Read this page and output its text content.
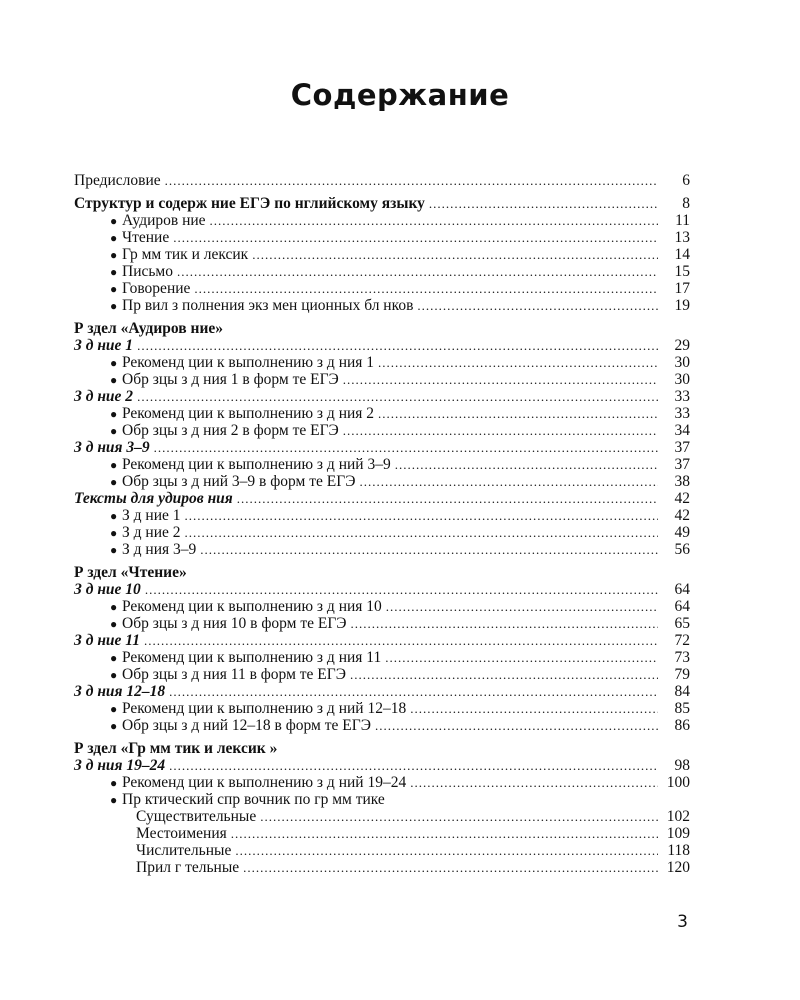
Содержание
Предисловие .....	6
Структур и содерж ние ЕГЭ по нглийскому языку .....	8
● Аудиров ние .....	11
● Чтение .....	13
● Гр мм тик и лексик .....	14
● Письмо .....	15
● Говорение .....	17
● Пр вил з полнения экз мен ционных бл нков .....	19
Р здел «Аудиров ние»
З д ние 1 .....	29
● Рекоменд ции к выполнению з д ния 1 .....	30
● Обр зцы з д ния 1 в форм те ЕГЭ .....	30
З д ние 2 .....	33
● Рекоменд ции к выполнению з д ния 2 .....	33
● Обр зцы з д ния 2 в форм те ЕГЭ .....	34
З д ния 3–9 .....	37
● Рекоменд ции к выполнению з д ний 3–9 .....	37
● Обр зцы з д ний 3–9 в форм те ЕГЭ .....	38
Тексты для удиров ния .....	42
● З д ние 1 .....	42
● З д ние 2 .....	49
● З д ния 3–9 .....	56
Р здел «Чтение»
З д ние 10 .....	64
● Рекоменд ции к выполнению з д ния 10 .....	64
● Обр зцы з д ния 10 в форм те ЕГЭ .....	65
З д ние 11 .....	72
● Рекоменд ции к выполнению з д ния 11 .....	73
● Обр зцы з д ния 11 в форм те ЕГЭ .....	79
З д ния 12–18 .....	84
● Рекоменд ции к выполнению з д ний 12–18 .....	85
● Обр зцы з д ний 12–18 в форм те ЕГЭ .....	86
Р здел «Гр мм тик и лексик »
З д ния 19–24 .....	98
● Рекоменд ции к выполнению з д ний 19–24 .....	100
● Пр ктический спр вочник по гр мм тике
Существительные .....	102
Местоимения .....	109
Числительные .....	118
Прил г тельные .....	120
3
